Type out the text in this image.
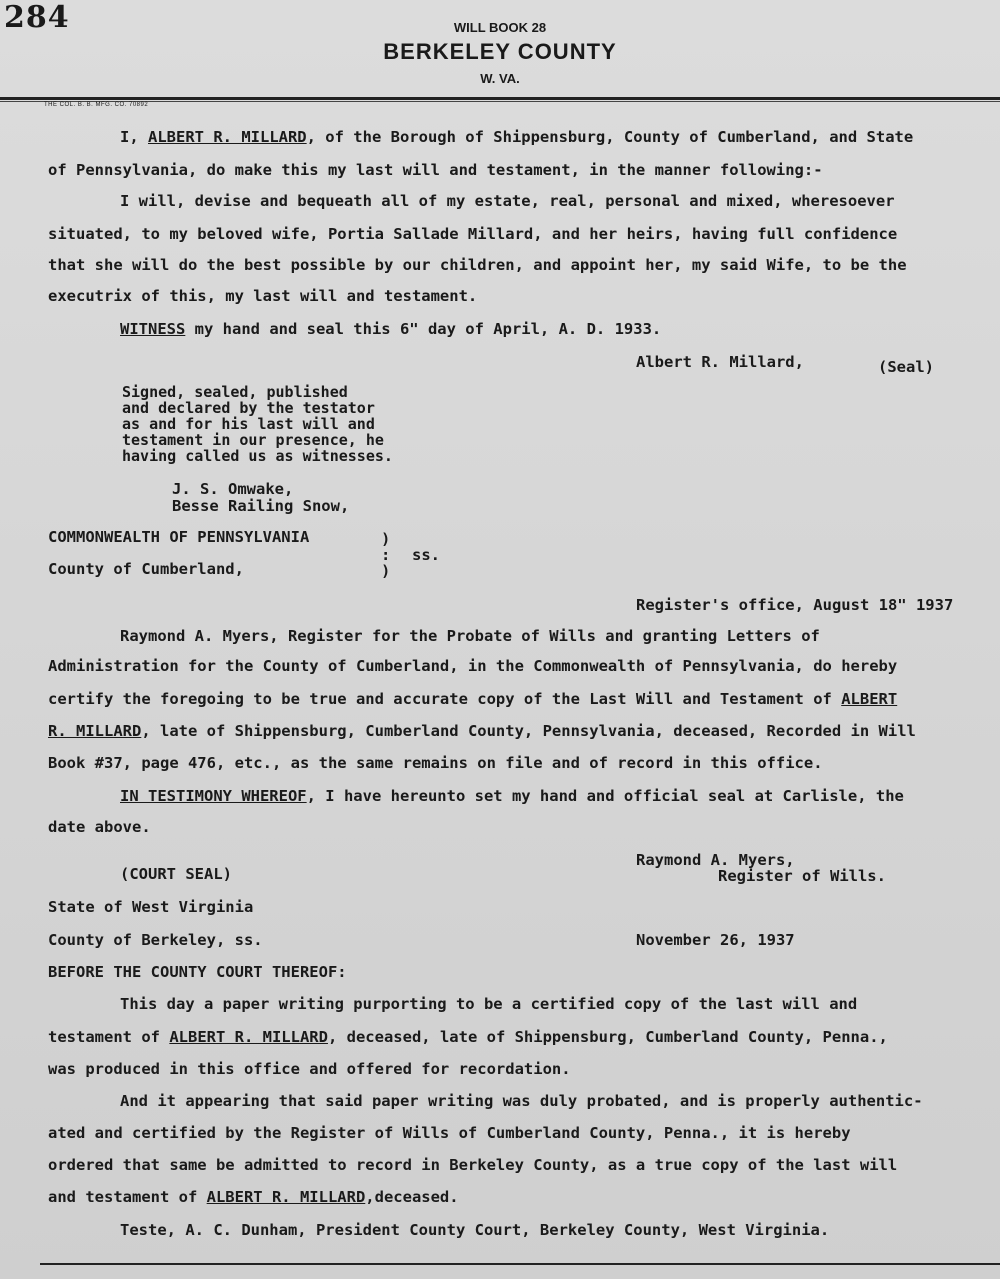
284	WILL BOOK 28
BERKELEY COUNTY
W. VA.
THE COL. B. B. MFG. CO. 70892
I, ALBERT R. MILLARD, of the Borough of Shippensburg, County of Cumberland, and State
of Pennsylvania, do make this my last will and testament, in the manner following:-
I will, devise and bequeath all of my estate, real, personal and mixed, wheresoever
situated, to my beloved wife, Portia Sallade Millard, and her heirs, having full confidence
that she will do the best possible by our children, and appoint her, my said Wife, to be the
executrix of this, my last will and testament.
WITNESS my hand and seal this 6" day of April, A. D. 1933.
Albert R. Millard,	(Seal)
Signed, sealed, published
and declared by the testator
as and for his last will and
testament in our presence, he
having called us as witnesses.
J. S. Omwake,
Besse Railing Snow,
COMMONWEALTH OF PENNSYLVANIA
County of Cumberland,
)
:
)
ss.
Register's office, August 18" 1937
Raymond A. Myers, Register for the Probate of Wills and granting Letters of
Administration for the County of Cumberland, in the Commonwealth of Pennsylvania, do hereby
certify the foregoing to be true and accurate copy of the Last Will and Testament of ALBERT
R. MILLARD, late of Shippensburg, Cumberland County, Pennsylvania, deceased, Recorded in Will
Book #37, page 476, etc., as the same remains on file and of record in this office.
IN TESTIMONY WHEREOF, I have hereunto set my hand and official seal at Carlisle, the
date above.
Raymond A. Myers,
Register of Wills.
(COURT SEAL)
State of West Virginia
County of Berkeley, ss.	November 26, 1937
BEFORE THE COUNTY COURT THEREOF:
This day a paper writing purporting to be a certified copy of the last will and
testament of ALBERT R. MILLARD, deceased, late of Shippensburg, Cumberland County, Penna.,
was produced in this office and offered for recordation.
And it appearing that said paper writing was duly probated, and is properly authentic-
ated and certified by the Register of Wills of Cumberland County, Penna., it is hereby
ordered that same be admitted to record in Berkeley County, as a true copy of the last will
and testament of ALBERT R. MILLARD,deceased.
Teste, A. C. Dunham, President County Court, Berkeley County, West Virginia.
